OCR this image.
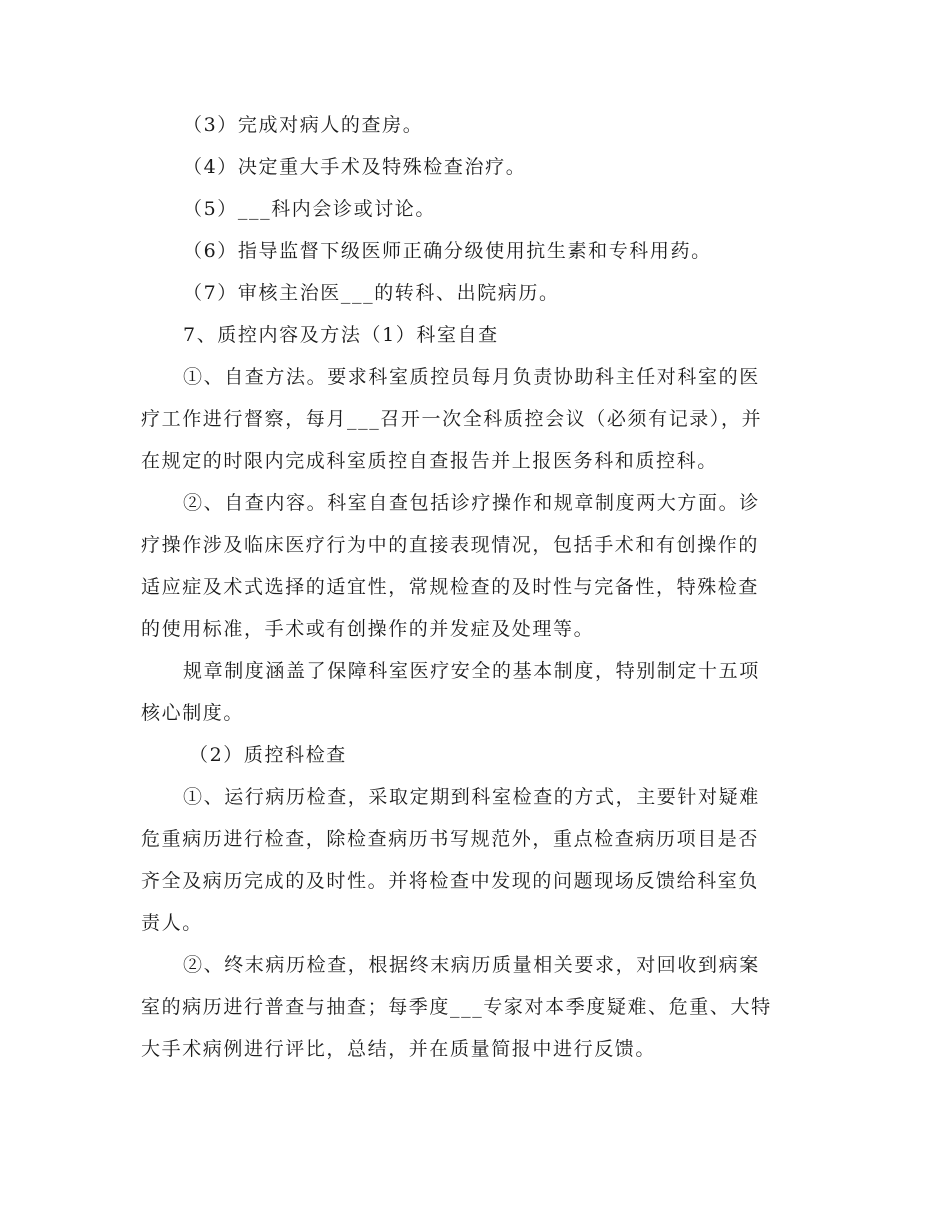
（3）完成对病人的查房。
（4）决定重大手术及特殊检查治疗。
（5）___科内会诊或讨论。
（6）指导监督下级医师正确分级使用抗生素和专科用药。
（7）审核主治医___的转科、出院病历。
7、质控内容及方法（1）科室自查
①、自查方法。要求科室质控员每月负责协助科主任对科室的医
疗工作进行督察，每月___召开一次全科质控会议（必须有记录），并
在规定的时限内完成科室质控自查报告并上报医务科和质控科。
②、自查内容。科室自查包括诊疗操作和规章制度两大方面。诊
疗操作涉及临床医疗行为中的直接表现情况，包括手术和有创操作的
适应症及术式选择的适宜性，常规检查的及时性与完备性，特殊检查
的使用标准，手术或有创操作的并发症及处理等。
规章制度涵盖了保障科室医疗安全的基本制度，特别制定十五项
核心制度。
（2）质控科检查
①、运行病历检查，采取定期到科室检查的方式，主要针对疑难
危重病历进行检查，除检查病历书写规范外，重点检查病历项目是否
齐全及病历完成的及时性。并将检查中发现的问题现场反馈给科室负
责人。
②、终末病历检查，根据终末病历质量相关要求，对回收到病案
室的病历进行普查与抽查；每季度___专家对本季度疑难、危重、大特
大手术病例进行评比，总结，并在质量简报中进行反馈。
